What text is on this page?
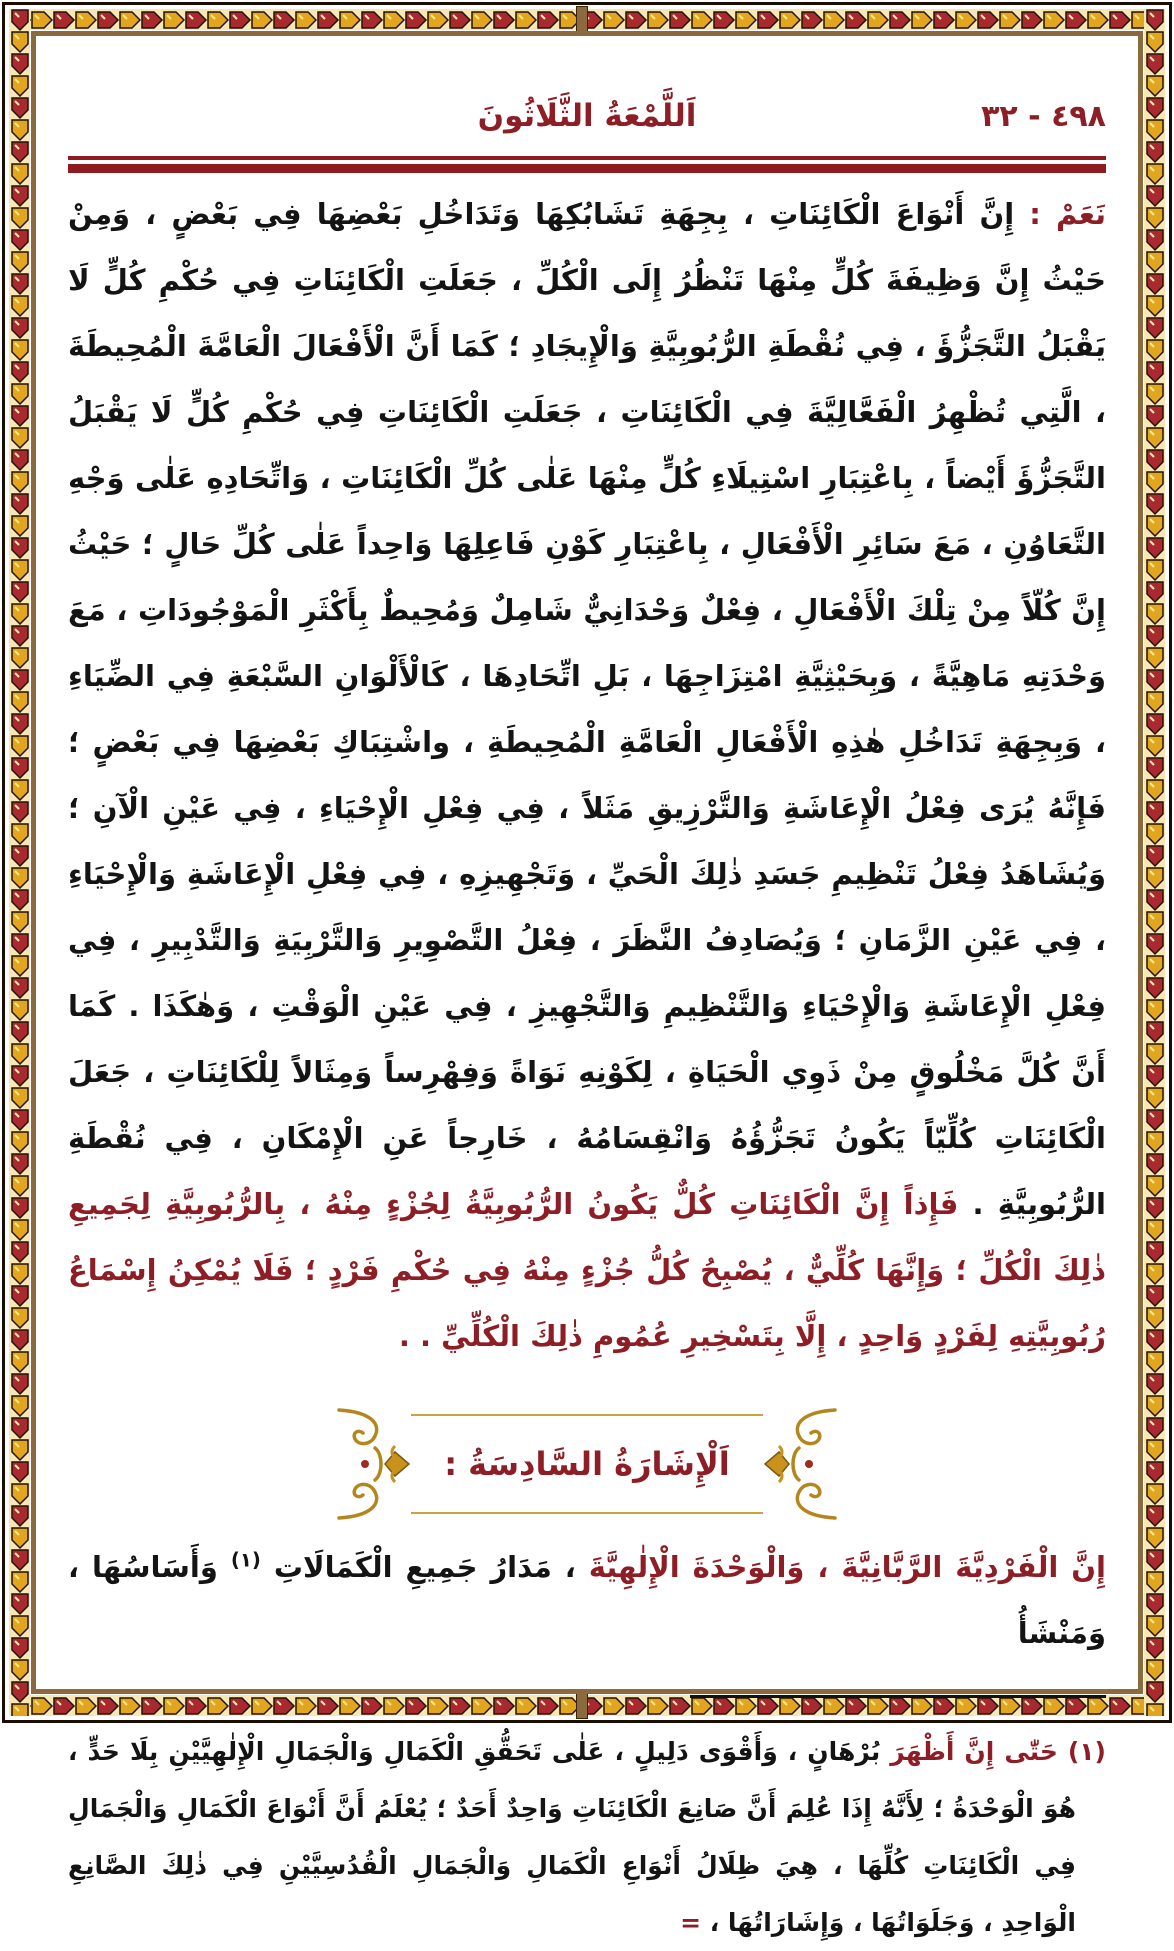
٤٩٨ - ٣٢
اَللَّمْعَةُ الثَّلَاثُونَ

نَعَمْ : إِنَّ أَنْوَاعَ الْكَائِنَاتِ ، بِجِهَةِ تَشَابُكِهَا وَتَدَاخُلِ بَعْضِهَا فِي بَعْضٍ ، وَمِنْ حَيْثُ إِنَّ وَظِيفَةَ كُلٍّ مِنْهَا تَنْظُرُ إِلَى الْكُلِّ ، جَعَلَتِ الْكَائِنَاتِ فِي حُكْمِ كُلٍّ لَا يَقْبَلُ التَّجَزُّؤَ ، فِي نُقْطَةِ الرُّبُوبِيَّةِ وَالْإِيجَادِ ؛ كَمَا أَنَّ الْأَفْعَالَ الْعَامَّةَ الْمُحِيطَةَ ، الَّتِي تُظْهِرُ الْفَعَّالِيَّةَ فِي الْكَائِنَاتِ ، جَعَلَتِ الْكَائِنَاتِ فِي حُكْمِ كُلٍّ لَا يَقْبَلُ التَّجَزُّؤَ أَيْضاً ، بِاعْتِبَارِ اسْتِيلَاءِ كُلٍّ مِنْهَا عَلٰى كُلِّ الْكَائِنَاتِ ، وَاتِّحَادِهِ عَلٰى وَجْهِ التَّعَاوُنِ ، مَعَ سَائِرِ الْأَفْعَالِ ، بِاعْتِبَارِ كَوْنِ فَاعِلِهَا وَاحِداً عَلٰى كُلِّ حَالٍ ؛ حَيْثُ إِنَّ كُلّاً مِنْ تِلْكَ الْأَفْعَالِ ، فِعْلٌ وَحْدَانِيٌّ شَامِلٌ وَمُحِيطٌ بِأَكْثَرِ الْمَوْجُودَاتِ ، مَعَ وَحْدَتِهِ مَاهِيَّةً ، وَبِحَيْثِيَّةِ امْتِزَاجِهَا ، بَلِ اتِّحَادِهَا ، كَالْأَلْوَانِ السَّبْعَةِ فِي الضِّيَاءِ ، وَبِجِهَةِ تَدَاخُلِ هٰذِهِ الْأَفْعَالِ الْعَامَّةِ الْمُحِيطَةِ ، واشْتِبَاكِ بَعْضِهَا فِي بَعْضٍ ؛ فَإِنَّهُ يُرَى فِعْلُ الْإِعَاشَةِ وَالتَّرْزِيقِ مَثَلاً ، فِي فِعْلِ الْإِحْيَاءِ ، فِي عَيْنِ الْآنِ ؛ وَيُشَاهَدُ فِعْلُ تَنْظِيمِ جَسَدِ ذٰلِكَ الْحَيِّ ، وَتَجْهِيزِهِ ، فِي فِعْلِ الْإِعَاشَةِ وَالْإِحْيَاءِ ، فِي عَيْنِ الزَّمَانِ ؛ وَيُصَادِفُ النَّظَرَ ، فِعْلُ التَّصْوِيرِ وَالتَّرْبِيَةِ وَالتَّدْبِيرِ ، فِي فِعْلِ الْإِعَاشَةِ وَالْإِحْيَاءِ وَالتَّنْظِيمِ وَالتَّجْهِيزِ ، فِي عَيْنِ الْوَقْتِ ، وَهٰكَذَا . كَمَا أَنَّ كُلَّ مَخْلُوقٍ مِنْ ذَوِي الْحَيَاةِ ، لِكَوْنِهِ نَوَاةً وَفِهْرِساً وَمِثَالاً لِلْكَائِنَاتِ ، جَعَلَ الْكَائِنَاتِ كُلِّيّاً يَكُونُ تَجَزُّؤُهُ وَانْقِسَامُهُ ، خَارِجاً عَنِ الْإِمْكَانِ ، فِي نُقْطَةِ الرُّبُوبِيَّةِ . فَإِذاً إِنَّ الْكَائِنَاتِ كُلٌّ يَكُونُ الرُّبُوبِيَّةُ لِجُزْءٍ مِنْهُ ، بِالرُّبُوبِيَّةِ لِجَمِيعِ ذٰلِكَ الْكُلِّ ؛ وَإِنَّهَا كُلِّيٌّ ، يُصْبِحُ كُلُّ جُزْءٍ مِنْهُ فِي حُكْمِ فَرْدٍ ؛ فَلَا يُمْكِنُ إِسْمَاعُ رُبُوبِيَّتِهِ لِفَرْدٍ وَاحِدٍ ، إِلَّا بِتَسْخِيرِ عُمُومِ ذٰلِكَ الْكُلِّيِّ . .

اَلْإِشَارَةُ السَّادِسَةُ :

إِنَّ الْفَرْدِيَّةَ الرَّبَّانِيَّةَ ، وَالْوَحْدَةَ الْإِلٰهِيَّةَ ، مَدَارُ جَمِيعِ الْكَمَالَاتِ $^{(١)}$ وَأَسَاسُهَا ، وَمَنْشَأُ

(١) حَتّٰى إِنَّ أَظْهَرَ بُرْهَانٍ ، وَأَقْوَى دَلِيلٍ ، عَلٰى تَحَقُّقِ الْكَمَالِ وَالْجَمَالِ الْإِلٰهِيَّيْنِ بِلَا حَدٍّ ، هُوَ الْوَحْدَةُ ؛ لِأَنَّهُ إِذَا عُلِمَ أَنَّ صَانِعَ الْكَائِنَاتِ وَاحِدٌ أَحَدٌ ؛ يُعْلَمُ أَنَّ أَنْوَاعَ الْكَمَالِ وَالْجَمَالِ فِي الْكَائِنَاتِ كُلِّهَا ، هِيَ ظِلَالُ أَنْوَاعِ الْكَمَالِ وَالْجَمَالِ الْقُدُسِيَّيْنِ فِي ذٰلِكَ الصَّانِعِ الْوَاحِدِ ، وَجَلَوَاتُهَا ، وَإِشَارَاتُهَا ، =
